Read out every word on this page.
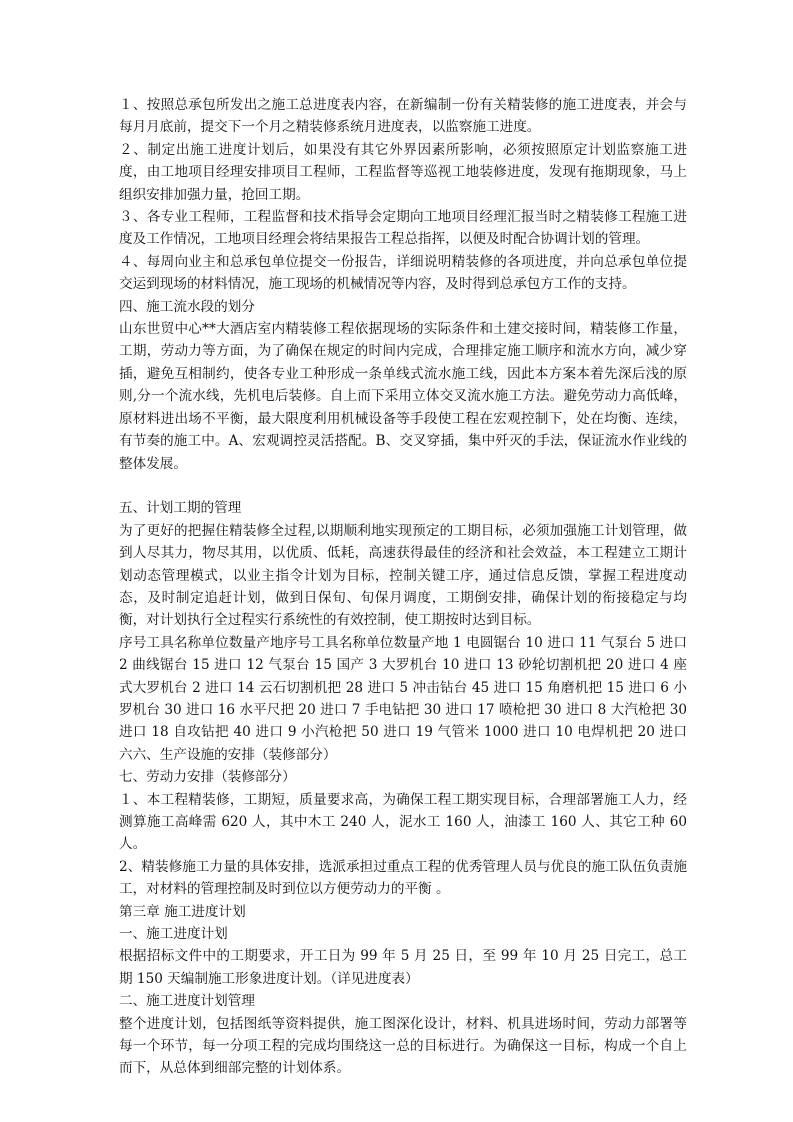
１、按照总承包所发出之施工总进度表内容，在新编制一份有关精装修的施工进度表，并会与每月月底前，提交下一个月之精装修系统月进度表，以监察施工进度。

２、制定出施工进度计划后，如果没有其它外界因素所影响，必须按照原定计划监察施工进度，由工地项目经理安排项目工程师，工程监督等巡视工地装修进度，发现有拖期现象，马上组织安排加强力量，抢回工期。

３、各专业工程师，工程监督和技术指导会定期向工地项目经理汇报当时之精装修工程施工进度及工作情况，工地项目经理会将结果报告工程总指挥，以便及时配合协调计划的管理。

４、每周向业主和总承包单位提交一份报告，详细说明精装修的各项进度，并向总承包单位提交运到现场的材料情况，施工现场的机械情况等内容，及时得到总承包方工作的支持。

四、施工流水段的划分

山东世贸中心**大酒店室内精装修工程依据现场的实际条件和土建交接时间，精装修工作量，工期，劳动力等方面，为了确保在规定的时间内完成，合理排定施工顺序和流水方向，减少穿插，避免互相制约，使各专业工种形成一条单线式流水施工线，因此本方案本着先深后浅的原则,分一个流水线，先机电后装修。自上而下采用立体交叉流水施工方法。避免劳动力高低峰，原材料进出场不平衡，最大限度利用机械设备等手段使工程在宏观控制下，处在均衡、连续，有节奏的施工中。A、宏观调控灵活搭配。B、交叉穿插，集中歼灭的手法，保证流水作业线的整体发展。

五、计划工期的管理

为了更好的把握住精装修全过程,以期顺利地实现预定的工期目标，必须加强施工计划管理，做到人尽其力，物尽其用，以优质、低耗，高速获得最佳的经济和社会效益，本工程建立工期计划动态管理模式，以业主指令计划为目标，控制关键工序，通过信息反馈，掌握工程进度动态，及时制定追赶计划，做到日保旬、旬保月调度，工期倒安排，确保计划的衔接稳定与均衡，对计划执行全过程实行系统性的有效控制，使工期按时达到目标。

序号工具名称单位数量产地序号工具名称单位数量产地 1 电圆锯台 10 进口 11 气泵台 5 进口 2 曲线锯台 15 进口 12 气泵台 15 国产 3 大罗机台 10 进口 13 砂轮切割机把 20 进口 4 座式大罗机台 2 进口 14 云石切割机把 28 进口 5 冲击钻台 45 进口 15 角磨机把 15 进口 6 小罗机台 30 进口 16 水平尺把 20 进口 7 手电钻把 30 进口 17 喷枪把 30 进口 8 大汽枪把 30 进口 18 自攻钻把 40 进口 9 小汽枪把 50 进口 19 气管米 1000 进口 10 电焊机把 20 进口六六、生产设施的安排（装修部分）

七、劳动力安排（装修部分）

１、本工程精装修，工期短，质量要求高，为确保工程工期实现目标，合理部署施工人力，经测算施工高峰需 620 人，其中木工 240 人，泥水工 160 人，油漆工 160 人、其它工种 60 人。

2、精装修施工力量的具体安排，选派承担过重点工程的优秀管理人员与优良的施工队伍负责施工，对材料的管理控制及时到位以方便劳动力的平衡 。

第三章 施工进度计划

一、施工进度计划

根据招标文件中的工期要求，开工日为 99 年 5 月 25 日，至 99 年 10 月 25 日完工，总工期 150 天编制施工形象进度计划。（详见进度表）

二、施工进度计划管理

整个进度计划，包括图纸等资料提供，施工图深化设计，材料、机具进场时间，劳动力部署等每一个环节，每一分项工程的完成均围绕这一总的目标进行。为确保这一目标，构成一个自上而下，从总体到细部完整的计划体系。
